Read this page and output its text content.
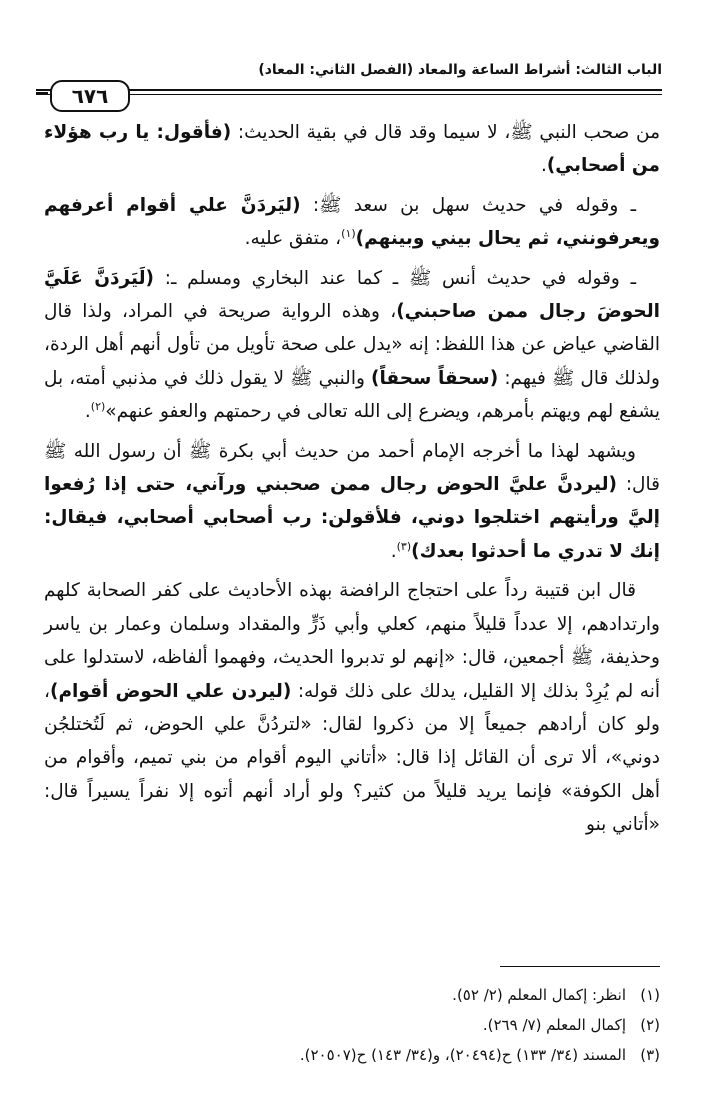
الباب الثالث: أشراط الساعة والمعاد (الفصل الثاني: المعاد)
٦٧٦

من صحب النبي ﷺ، لا سيما وقد قال في بقية الحديث: (فأقول: يا رب هؤلاء من أصحابي).

ـ وقوله في حديث سهل بن سعد ﷺ: (ليَردَنَّ علي أقوام أعرفهم ويعرفونني، ثم يحال بيني وبينهم)$^{(١)}$، متفق عليه.

ـ وقوله في حديث أنس ﷺ ـ كما عند البخاري ومسلم ـ: (لَيَردَنَّ عَلَيَّ الحوضَ رجال ممن صاحبني)، وهذه الرواية صريحة في المراد، ولذا قال القاضي عياض عن هذا اللفظ: إنه «يدل على صحة تأويل من تأول أنهم أهل الردة، ولذلك قال ﷺ فيهم: (سحقاً سحقاً) والنبي ﷺ لا يقول ذلك في مذنبي أمته، بل يشفع لهم ويهتم بأمرهم، ويضرع إلى الله تعالى في رحمتهم والعفو عنهم»$^{(٢)}$.

ويشهد لهذا ما أخرجه الإمام أحمد من حديث أبي بكرة ﷺ أن رسول الله ﷺ قال: (ليردنَّ عليَّ الحوض رجال ممن صحبني ورآني، حتى إذا رُفعوا إليَّ ورأيتهم اختلجوا دوني، فلأقولن: رب أصحابي أصحابي، فيقال: إنك لا تدري ما أحدثوا بعدك)$^{(٣)}$.

قال ابن قتيبة رداً على احتجاج الرافضة بهذه الأحاديث على كفر الصحابة كلهم وارتدادهم، إلا عدداً قليلاً منهم، كعلي وأبي ذَرٍّ والمقداد وسلمان وعمار بن ياسر وحذيفة، ﷺ أجمعين، قال: «إنهم لو تدبروا الحديث، وفهموا ألفاظه، لاستدلوا على أنه لم يُرِدْ بذلك إلا القليل، يدلك على ذلك قوله: (ليردن علي الحوض أقوام)، ولو كان أرادهم جميعاً إلا من ذكروا لقال: «لتردُنَّ علي الحوض، ثم لَتُختلجُن دوني»، ألا ترى أن القائل إذا قال: «أتاني اليوم أقوام من بني تميم، وأقوام من أهل الكوفة» فإنما يريد قليلاً من كثير؟ ولو أراد أنهم أتوه إلا نفراً يسيراً قال: «أتاني بنو

(١)انظر: إكمال المعلم (٢/ ٥٢).
(٢)إكمال المعلم (٧/ ٢٦٩).
(٣)المسند (٣٤/ ١٣٣) ح(٢٠٤٩٤)، و(٣٤/ ١٤٣) ح(٢٠٥٠٧).
